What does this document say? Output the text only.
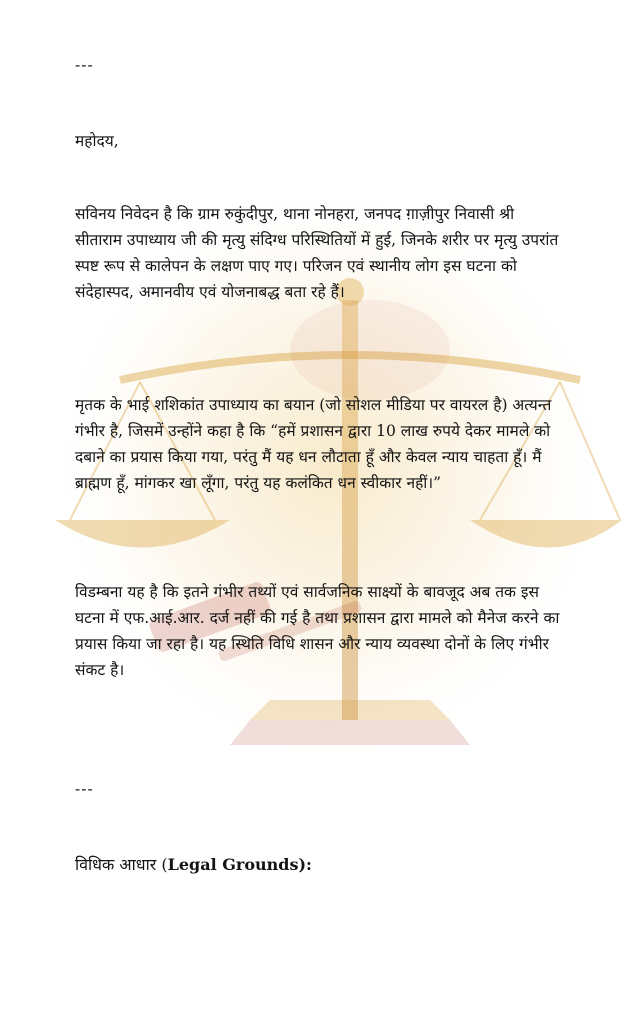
---

महोदय,

सविनय निवेदन है कि ग्राम रुकुंदीपुर, थाना नोनहरा, जनपद ग़ाज़ीपुर निवासी श्री सीताराम उपाध्याय जी की मृत्यु संदिग्ध परिस्थितियों में हुई, जिनके शरीर पर मृत्यु उपरांत स्पष्ट रूप से कालेपन के लक्षण पाए गए। परिजन एवं स्थानीय लोग इस घटना को संदेहास्पद, अमानवीय एवं योजनाबद्ध बता रहे हैं।

मृतक के भाई शशिकांत उपाध्याय का बयान (जो सोशल मीडिया पर वायरल है) अत्यन्त गंभीर है, जिसमें उन्होंने कहा है कि “हमें प्रशासन द्वारा 10 लाख रुपये देकर मामले को दबाने का प्रयास किया गया, परंतु मैं यह धन लौटाता हूँ और केवल न्याय चाहता हूँ। मैं ब्राह्मण हूँ, मांगकर खा लूँगा, परंतु यह कलंकित धन स्वीकार नहीं।”

विडम्बना यह है कि इतने गंभीर तथ्यों एवं सार्वजनिक साक्ष्यों के बावजूद अब तक इस घटना में एफ.आई.आर. दर्ज नहीं की गई है तथा प्रशासन द्वारा मामले को मैनेज करने का प्रयास किया जा रहा है। यह स्थिति विधि शासन और न्याय व्यवस्था दोनों के लिए गंभीर संकट है।

---

विधिक आधार (Legal Grounds):
